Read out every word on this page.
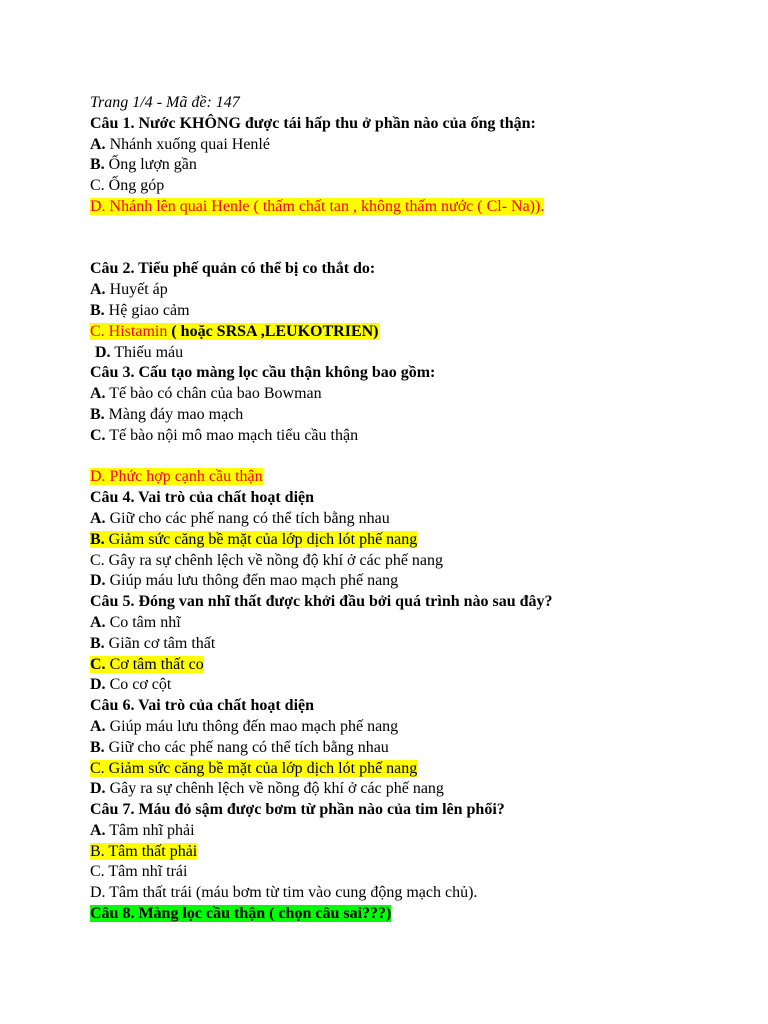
Trang 1/4 - Mã đề: 147
Câu 1. Nước KHÔNG được tái hấp thu ở phần nào của ống thận:
A. Nhánh xuống quai Henlé
B. Ống lượn gần
C. Ống góp
D. Nhánh lên quai Henle ( thấm chất tan , không thấm nước ( Cl- Na)).
Câu 2. Tiểu phế quản có thể bị co thắt do:
A. Huyết áp
B. Hệ giao cảm
C. Histamin ( hoặc SRSA ,LEUKOTRIEN)
D. Thiếu máu
Câu 3. Cấu tạo màng lọc cầu thận không bao gồm:
A. Tế bào có chân của bao Bowman
B. Màng đáy mao mạch
C. Tế bào nội mô mao mạch tiểu cầu thận
D. Phức hợp cạnh cầu thận
Câu 4. Vai trò của chất hoạt diện
A. Giữ cho các phế nang có thể tích bằng nhau
B. Giảm sức căng bề mặt của lớp dịch lót phế nang
C. Gây ra sự chênh lệch về nồng độ khí ở các phế nang
D. Giúp máu lưu thông đến mao mạch phế nang
Câu 5. Đóng van nhĩ thất được khởi đầu bởi quá trình nào sau đây?
A. Co tâm nhĩ
B. Giãn cơ tâm thất
C. Cơ tâm thất co
D. Co cơ cột
Câu 6. Vai trò của chất hoạt diện
A. Giúp máu lưu thông đến mao mạch phế nang
B. Giữ cho các phế nang có thể tích bằng nhau
C. Giảm sức căng bề mặt của lớp dịch lót phế nang
D. Gây ra sự chênh lệch về nồng độ khí ở các phế nang
Câu 7. Máu đỏ sậm được bơm từ phần nào của tim lên phổi?
A. Tâm nhĩ phải
B. Tâm thất phải
C. Tâm nhĩ trái
D. Tâm thất trái (máu bơm từ tim vào cung động mạch chủ).
Câu 8. Màng lọc cầu thận ( chọn câu sai???)
